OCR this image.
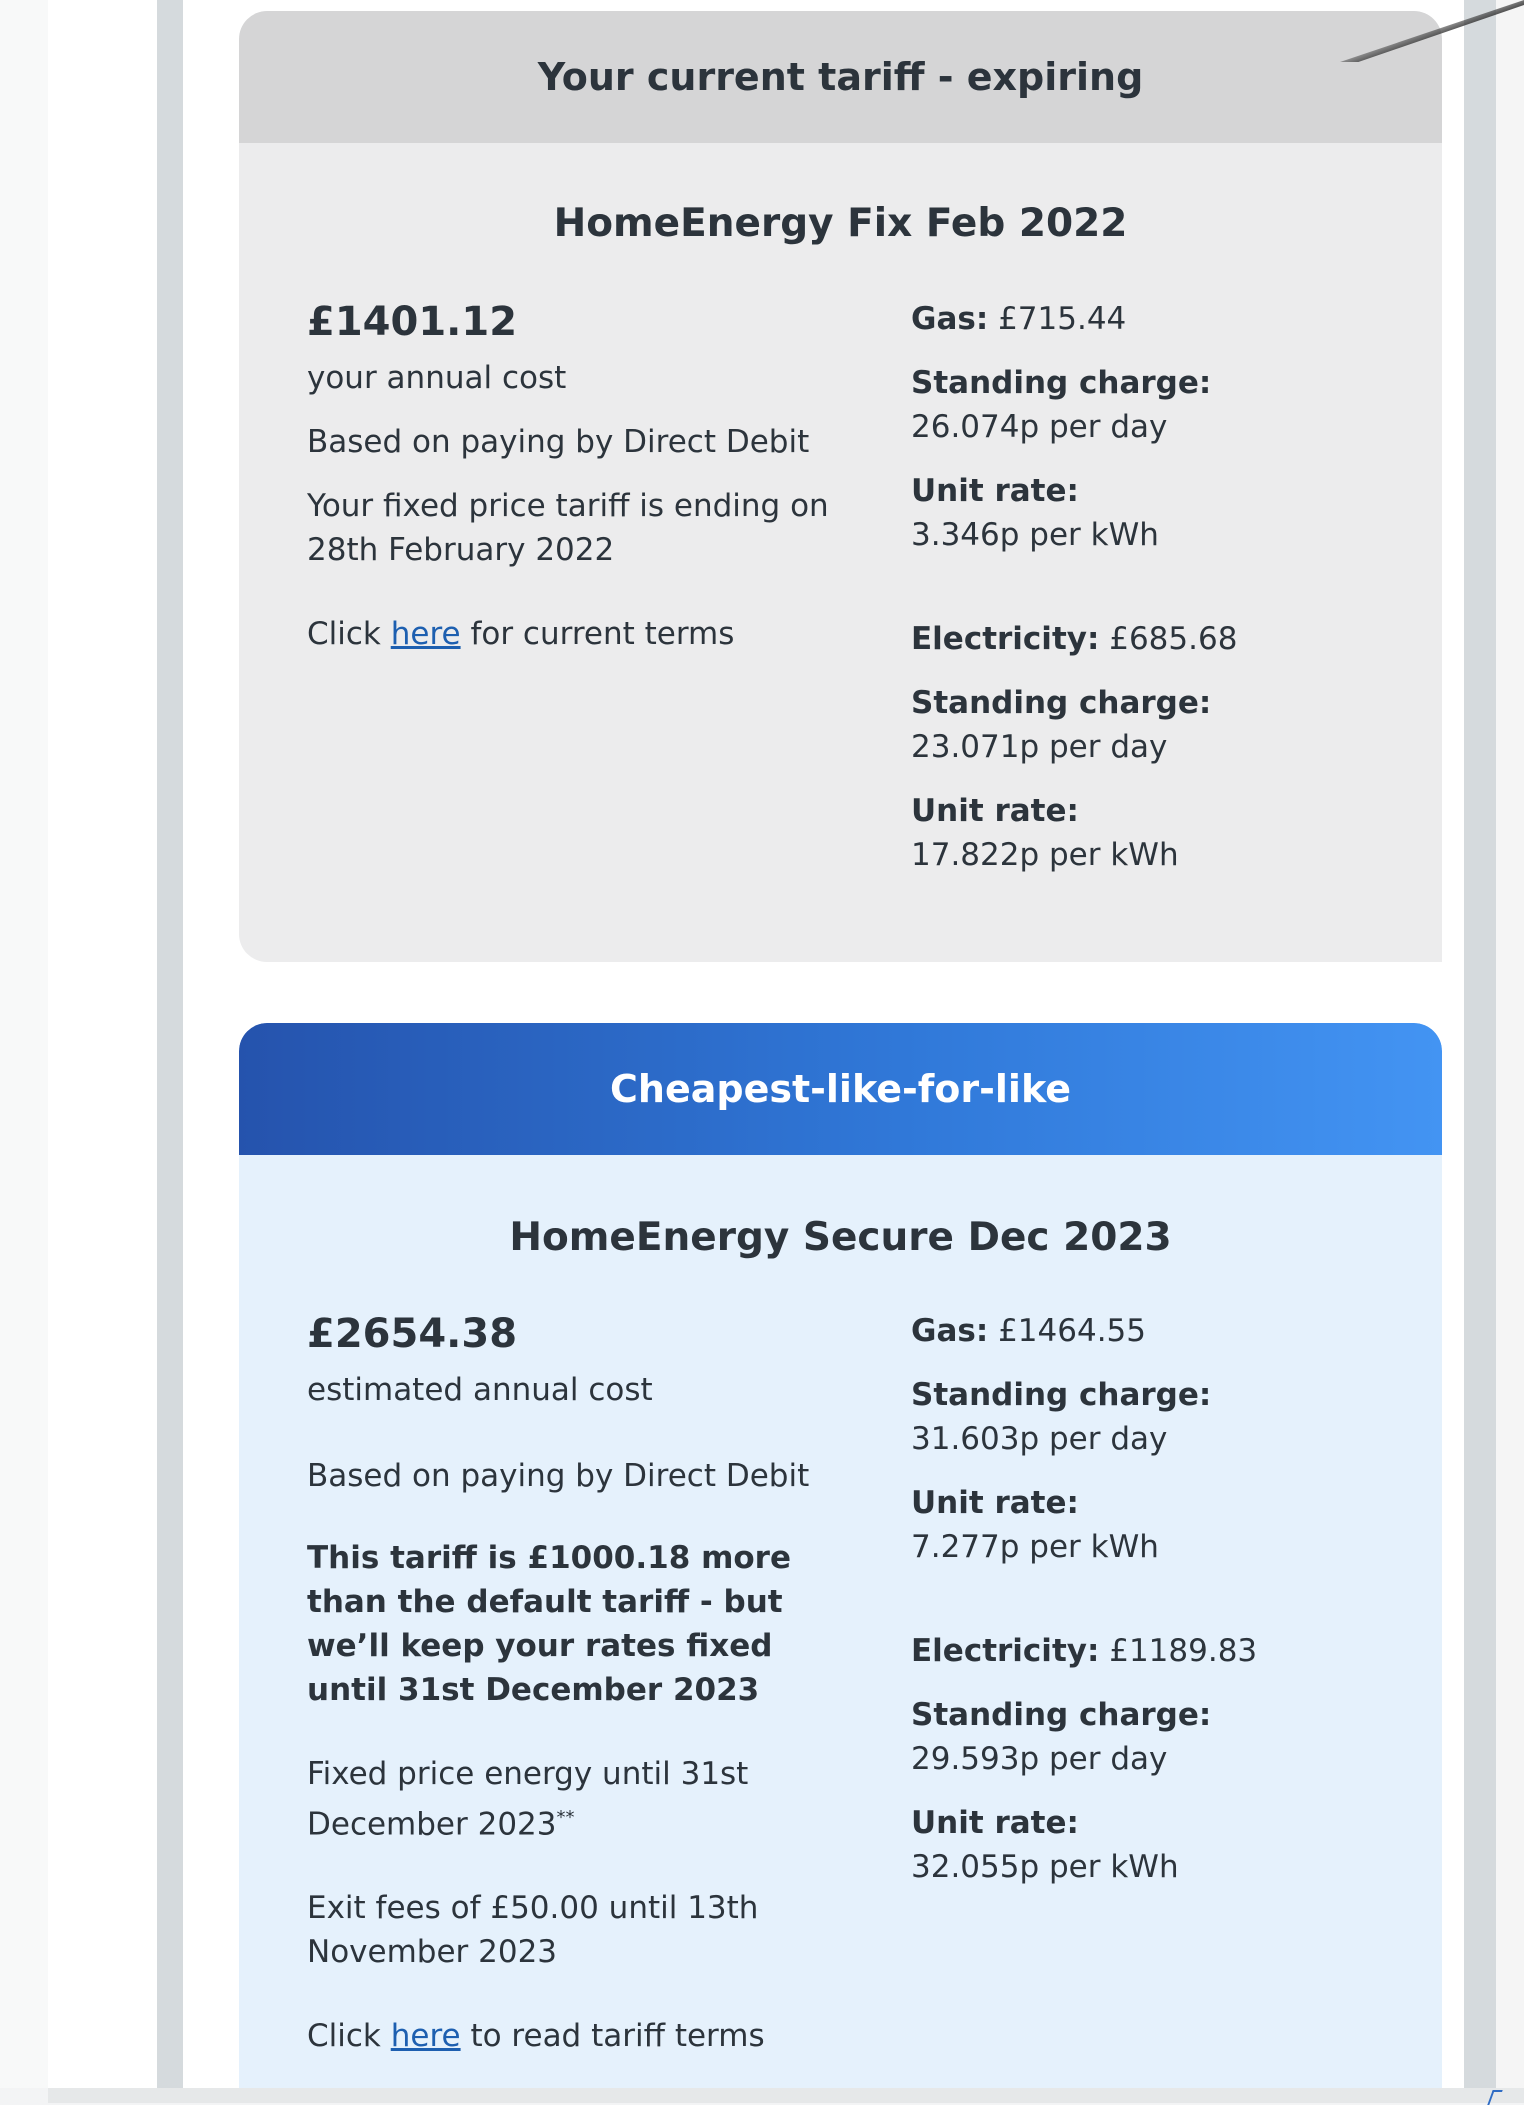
Your current tariff - expiring
HomeEnergy Fix Feb 2022
£1401.12
your annual cost
Based on paying by Direct Debit
Your fixed price tariff is ending on 28th February 2022
Click here for current terms
Gas: £715.44
Standing charge:
26.074p per day
Unit rate:
3.346p per kWh
Electricity: £685.68
Standing charge:
23.071p per day
Unit rate:
17.822p per kWh
Cheapest-like-for-like
HomeEnergy Secure Dec 2023
£2654.38
estimated annual cost
Based on paying by Direct Debit
This tariff is £1000.18 more than the default tariff - but we’ll keep your rates fixed until 31st December 2023
Fixed price energy until 31st December 2023**
Exit fees of £50.00 until 13th November 2023
Click here to read tariff terms
Gas: £1464.55
Standing charge:
31.603p per day
Unit rate:
7.277p per kWh
Electricity: £1189.83
Standing charge:
29.593p per day
Unit rate:
32.055p per kWh
